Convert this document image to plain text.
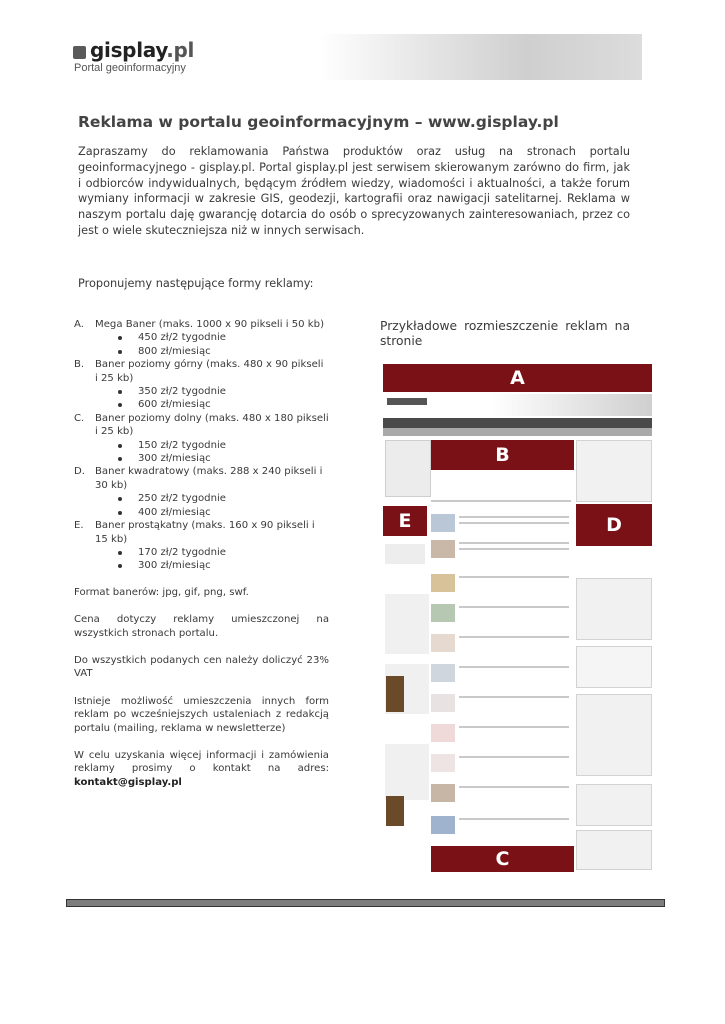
gisplay.pl
Portal geoinformacyjny
Reklama w portalu geoinformacyjnym – www.gisplay.pl

Zapraszamy do reklamowania Państwa produktów oraz usług na stronach portalu geoinformacyjnego - gisplay.pl. Portal gisplay.pl jest serwisem skierowanym zarówno do firm, jak i odbiorców indywidualnych, będącym źródłem wiedzy, wiadomości i aktualności, a także forum wymiany informacji w zakresie GIS, geodezji, kartografii oraz nawigacji satelitarnej. Reklama w naszym portalu daję gwarancję dotarcia do osób o sprecyzowanych zainteresowaniach, przez co jest o wiele skuteczniejsza niż w innych serwisach.

Proponujemy następujące formy reklamy:

A. Mega Baner (maks. 1000 x 90 pikseli i 50 kb)
450 zł/2 tygodnie
800 zł/miesiąc
B. Baner poziomy górny (maks. 480 x 90 pikseli i 25 kb)
350 zł/2 tygodnie
600 zł/miesiąc
C. Baner poziomy dolny (maks. 480 x 180 pikseli i 25 kb)
150 zł/2 tygodnie
300 zł/miesiąc
D. Baner kwadratowy (maks. 288 x 240 pikseli i 30 kb)
250 zł/2 tygodnie
400 zł/miesiąc
E. Baner prostąkatny (maks. 160 x 90 pikseli i 15 kb)
170 zł/2 tygodnie
300 zł/miesiąc

Format banerów: jpg, gif, png, swf.

Cena dotyczy reklamy umieszczonej na wszystkich stronach portalu.

Do wszystkich podanych cen należy doliczyć 23% VAT

Istnieje możliwość umieszczenia innych form reklam po wcześniejszych ustaleniach z redakcją portalu (mailing, reklama w newsletterze)

W celu uzyskania więcej informacji i zamówienia reklamy prosimy o kontakt na adres: kontakt@gisplay.pl

Przykładowe rozmieszczenie reklam na stronie

A
B
E	D
C
